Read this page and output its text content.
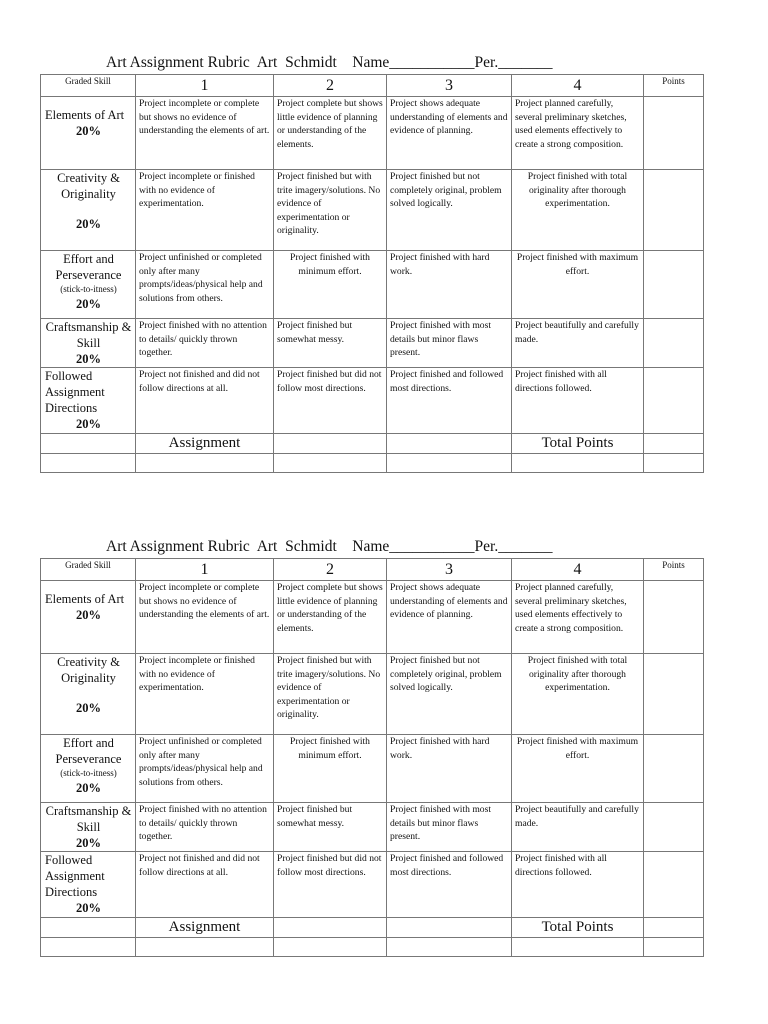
Art Assignment Rubric  Art  Schmidt    Name___________Per._______
Graded Skill	1	2	3	4	Points

Elements of Art
20%	Project incomplete or complete but shows no evidence of understanding the elements of art.	Project complete but shows little evidence of planning or understanding of the elements.	Project shows adequate understanding of elements and evidence of planning.	Project planned carefully, several preliminary sketches, used elements effectively to create a strong composition.	
Creativity & Originality
20%	Project incomplete or finished with no evidence of experimentation.	Project finished but with trite imagery/solutions. No evidence of experimentation or originality.	Project finished but not completely original, problem solved logically.	Project finished with total originality after thorough experimentation.	
Effort and Perseverance
(stick-to-itness)
20%	Project unfinished or completed only after many prompts/ideas/physical help and solutions from others.	Project finished with minimum effort.	Project finished with hard work.	Project finished with maximum effort.	
Craftsmanship & Skill
20%	Project finished with no attention to details/ quickly thrown together.	Project finished but somewhat messy.	Project finished with most details but minor flaws present.	Project beautifully and carefully made.	
Followed Assignment Directions
20%	Project not finished and did not follow directions at all.	Project finished but did not follow most directions.	Project finished and followed most directions.	Project finished with all directions followed.	
	Assignment			Total Points	

Art Assignment Rubric  Art  Schmidt    Name___________Per._______
Graded Skill	1	2	3	4	Points

Elements of Art
20%	Project incomplete or complete but shows no evidence of understanding the elements of art.	Project complete but shows little evidence of planning or understanding of the elements.	Project shows adequate understanding of elements and evidence of planning.	Project planned carefully, several preliminary sketches, used elements effectively to create a strong composition.	
Creativity & Originality
20%	Project incomplete or finished with no evidence of experimentation.	Project finished but with trite imagery/solutions. No evidence of experimentation or originality.	Project finished but not completely original, problem solved logically.	Project finished with total originality after thorough experimentation.	
Effort and Perseverance
(stick-to-itness)
20%	Project unfinished or completed only after many prompts/ideas/physical help and solutions from others.	Project finished with minimum effort.	Project finished with hard work.	Project finished with maximum effort.	
Craftsmanship & Skill
20%	Project finished with no attention to details/ quickly thrown together.	Project finished but somewhat messy.	Project finished with most details but minor flaws present.	Project beautifully and carefully made.	
Followed Assignment Directions
20%	Project not finished and did not follow directions at all.	Project finished but did not follow most directions.	Project finished and followed most directions.	Project finished with all directions followed.	
	Assignment			Total Points	
